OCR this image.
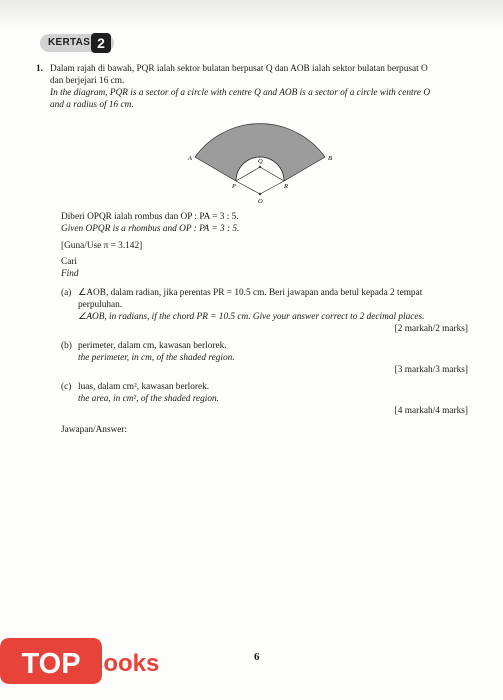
KERTAS 2
1. Dalam rajah di bawah, PQR ialah sektor bulatan berpusat Q dan AOB ialah sektor bulatan berpusat O
dan berjejari 16 cm.
In the diagram, PQR is a sector of a circle with centre Q and AOB is a sector of a circle with centre O
and a radius of 16 cm.
A	B
Q
P	R
O
Diberi OPQR ialah rombus dan OP : PA = 3 : 5.
Given OPQR is a rhombus and OP : PA = 3 : 5.
[Guna/Use π = 3.142]
Cari
Find
(a) ∠AOB, dalam radian, jika perentas PR = 10.5 cm. Beri jawapan anda betul kepada 2 tempat
perpuluhan.
∠AOB, in radians, if the chord PR = 10.5 cm. Give your answer correct to 2 decimal places.
[2 markah/2 marks]
(b) perimeter, dalam cm, kawasan berlorek.
the perimeter, in cm, of the shaded region.
[3 markah/3 marks]
(c) luas, dalam cm², kawasan berlorek.
the area, in cm², of the shaded region.
[4 markah/4 marks]
Jawapan/Answer:
TOP Books	6
